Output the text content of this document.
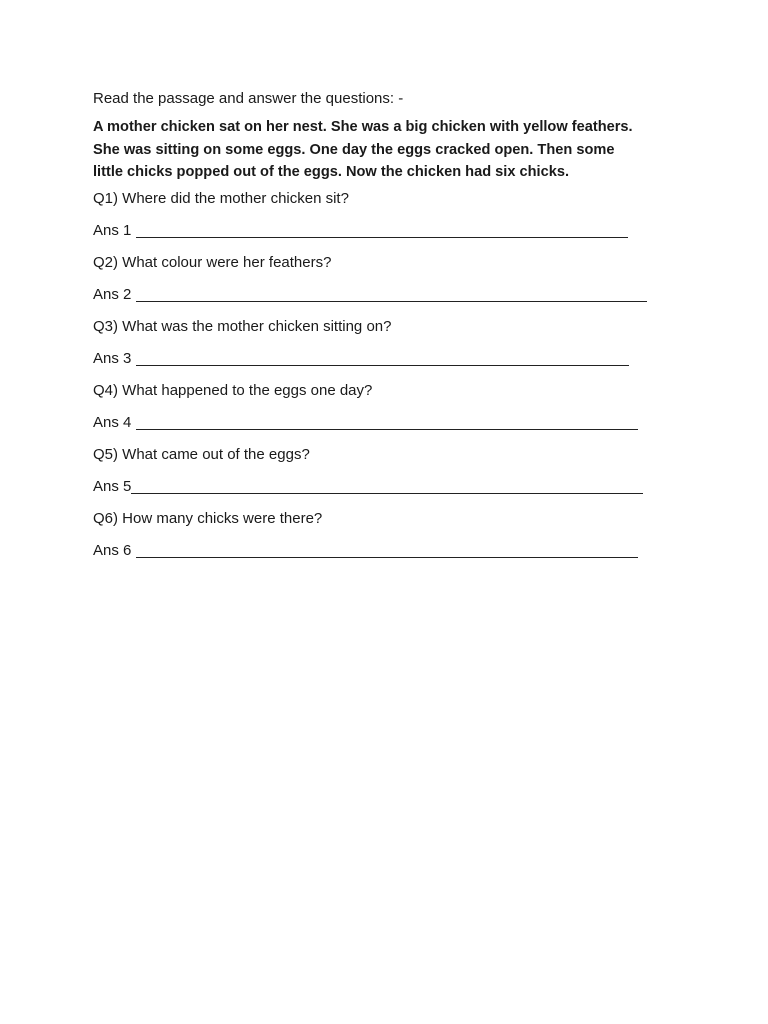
Read the passage and answer the questions: -

A mother chicken sat on her nest. She was a big chicken with yellow feathers.
She was sitting on some eggs. One day the eggs cracked open. Then some
little chicks popped out of the eggs. Now the chicken had six chicks.

Q1) Where did the mother chicken sit?
Ans 1
Q2) What colour were her feathers?
Ans 2
Q3) What was the mother chicken sitting on?
Ans 3
Q4) What happened to the eggs one day?
Ans 4
Q5) What came out of the eggs?
Ans 5
Q6) How many chicks were there?
Ans 6
